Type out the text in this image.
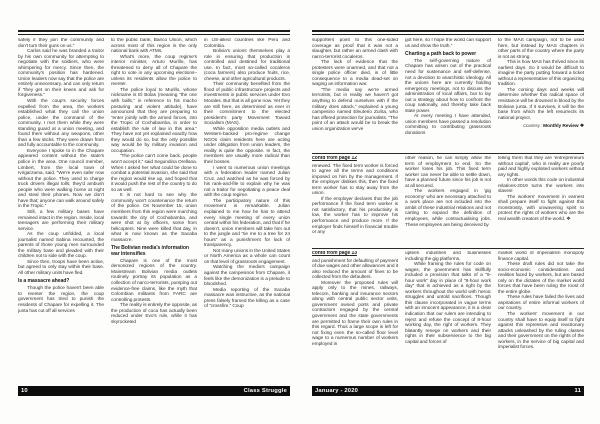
safely if they join the community and don't turn their guns on us.”
Carlos said he was branded a traitor by his own community for attempting to negotiate with the soldiers, who were whimpering for mercy. Since then, the community's position has hardened. Union leaders now say that the police are entirely unnecessary, and can only return if “they get on their knees and ask for forgiveness.”
With the coup's security forces expelled from the area, the workers established what they call the union police, under the command of the community. I met them while they were standing guard at a union meeting, and found them without any weapons, other than a few sticks. They were drawn from and fully accountable to the community.
Everyone I spoke to in the Chapare appeared content without the state's police in the area. One council member, Limbert, from the local town of Ivirgarzama, said, “We're even safer now without the police. They used to charge truck drivers illegal tolls; they'd ambush people who were walking home at night and steal their phones. Now we don't have that; anyone can walk around safely in the Tropic.”
Still, a few military bases have remained intact in the region. Inside, local teenagers are performing their military service.
As the coup unfolded, a local journalist named Sabina recounted, the parents of those young men surrounded the military base and pleaded with their children not to side with the coup.
Since then, troops have been active, but agreed to only stay within their base. All other military units have fled.
Is a massacre ahead?
Though the police haven't been able to reenter the region, the coup government has tried to punish the residents of Chapare for expelling it. The junta has cut off all services
to the public bank, Banco Union, which across most of this region is the only national bank with ATMs.
What's more, the coup regime's interior minister, Arturo Murillo, has threatened to deny all of Chapare the right to vote in any upcoming elections–unless its residents allow the police to reenter.
The police loyal to Murillo, whose nickname is El Bolas (meaning “the one with balls,” in reference to his macho posturing and violent attitude), have announced that they are preparing to “enter jointly with the armed forces, into the Tropic of Cochabamba, in order to establish the rule of law in this area.” They have not yet explained exactly how they would do so, but the only possible way would be by military invasion and occupation.
“The police can't come back, people won't accept it,” said Segundina Orellana. When I asked her what could be done to combat a potential invasion, she said that the region would rise up, and hoped that it would push the rest of the country to do so as well.
It is not hard to see why the community won't countenance the return of the police. On November 15, union members from this region were marching towards the city of Cochabamba, and were shot at by officers, some from helicopters. Nine were killed that day, in what is now known as the Sacaba massacre.
The Bolivian media's information war intensifies
Chapare is one of the most demonized regions of the country. Mainstream Bolivian media outlets routinely portray its population as a collection of narco-terrorists, pumping out evidence-free claims, like the myth that Colombian militants from FARC are controlling protests.
The reality is entirely the opposite, as the production of coca has actually been reduced under Evo's rule, while it has skyrocketed
in US-allied countries like Peru and Colombia.
Bolivia's unions themselves play a role in ensuring that production is controlled and destined for traditional use. In fact, most so-called cocaleros (coca farmers) also produce fruits, rice, cheese, and other agricultural products.
Their community benefited from the flood of public infrastructure projects and investments in public services under Evo Morales. But that is all gone now. Yet they are still here, as determined as ever in their commitment to the elected president's party Movement Toward Socialism (MAS).
While opposition media outlets and Western-backed pro-regime change NGOs claim residents here are acting under obligation from union leaders, the reality is quite the opposite. In fact, the members are usually more radical than their bosses.
I went to numerous union meetings with a federation leader named Julian Cruz, and watched as he was forced by his rank-and-file to explain why he was not a traitor for negotiating a peace deal with the coup regime.
The participatory nature of this movement is remarkable. Julian explained to me how he has to attend every single meeting of every union central within his federation, and that if he doesn't, union members will take him out to the jungle and “tie me to a tree for 24 hours” as a punishment for lack of transparency.
Not many unions in the United States or North America as a whole can count on that level of grassroots engagement.
Watching the media's campaign against the campesinos from Chapare, it feels like the demonization is a prelude to bloodshed.
Media reporting of the Sacaba massacre was instructive, as the national press falsely framed the killing as a case of “crossfire.” Coup
10	Class Struggle
supporters point to this one-sided coverage as proof that it was not a slaughter, but rather an armed clash with narco-terrorist cocaleros.
The lack of evidence that the protesters were unarmed, and that not a single police officer died, is of little consequence to a media dead-set on waging an information war.
“The media say we're armed terrorists, but in reality we haven't got anything to defend ourselves with if the military does attack,” explained a young campesino named Eleuterio Zurita, who has offered protection for journalists. “The point of an attack would be to break the union organization we've
got here, so I hope the world can support us and show the truth.”
Charting a path back to power
The self-governing nature of Chapare has arisen out of the practical need for sustenance and self-defense, not a devotion to anarchistic ideology. All the unions here are currently holding emergency meetings, not to discuss the administration of local affairs, but to lay out a strategy about how to confront the coup nationally, and thereby take back state power.
At every meeting I have attended, union members have passed a resolution committing to contributing grassroots donations
to the MAS campaign, not to be used here, but instead by MAS chapters in other parts of the country where the party is not as strong.
This is how MAS has thrived since its earliest days. So it would be difficult to imagine the party putting forward a ticket without a representative of this organizing tradition.
The coming days and weeks will determine whether this radical space of resistance will be drowned in blood by the Bolivian junta. If it survives, it will be the base from which the left resurrects its national project.
Courtesy : Monthly Review ❖
contd from page 12
renewed. The fixed term worker is forced to agree all the terms and conditions imposed on him by the management. If the employer dislikes this, then the fixed term worker has to stay away from the union.
If the employer declares that the job performance if the fixed term worker is not satisfactory, that his productivity is low, the worker has to improve his performance and produce more. If the employer finds himself in financial trouble or any
other reason, he can simply allow the term of employment to end. So the worker loses his job. This fixed term worker can never be able to settle down, have a planned future since his job is not at all secured.
The workers engaged in ‘gig economy' who are necessary attached to a work place are not included into the ambit of these industrial relations and not carting to expand the definition of employees, while contractualising jobs. These employees are being deceived by
telling them that they are ‘entrepreneurs without capital', who in reality are poorly paid and highly exploited workers without any rights.
In other words this code on industrial relations-2019 turns the workers into slaves!
The workers' movement in earnest shall prepare itself to fight against this monstrosity, with unwavering spirit to protect the rights of workers who are the real wealth creators of the world. ❖
contd from page 13
and punishment for defaulting of payment of due wages and other allowances and it also reduced the amount of fines to be collected from the defaulters.
Moreover the proposed rules will apply only to the mines, railways, telecom, banking and insurance sectors along with central public sector units, government owned ports and private contractors engaged by the central government and the state governments are permitted to frame their own rules in this regard. Thus a large scope is left for not fixing even the so-called floor level wage to a numerous number of workers employed in
upteen industries and businesses including the gig platforms.
While framing the rules for code on wages, the government has skillfully included a provision that talks of a “9-hour work” day in place of “8-hour work day” that is achieved as a right by the workers throughout the world with heroic struggles and untold sacrifices. Though this clause incorporated in vague terms with an innocent appearance, it is a clear indication that our rulers are intending to reject and refuse the concept of 8-hour working day, the right of workers. They blatantly renege on workers and their rights in their subservience to the big capital and forces of
market world of imperialism monopoly finance capital.
These draft rules did not take the socio-economic considerations and realities faced by workers, but are based only on the dictates of the market world forces that have been ruling the roost of the entire globe.
These rules have failed the lives and aspirations of entire informal workers of our country.
The workers' movement in our country shall have to equip itself to fight against this repressive and reactionary attacks unleashed by the ruling classes and their government on the rights of the workers, in the service of big capital and imperialist forces.
January - 2020	11
